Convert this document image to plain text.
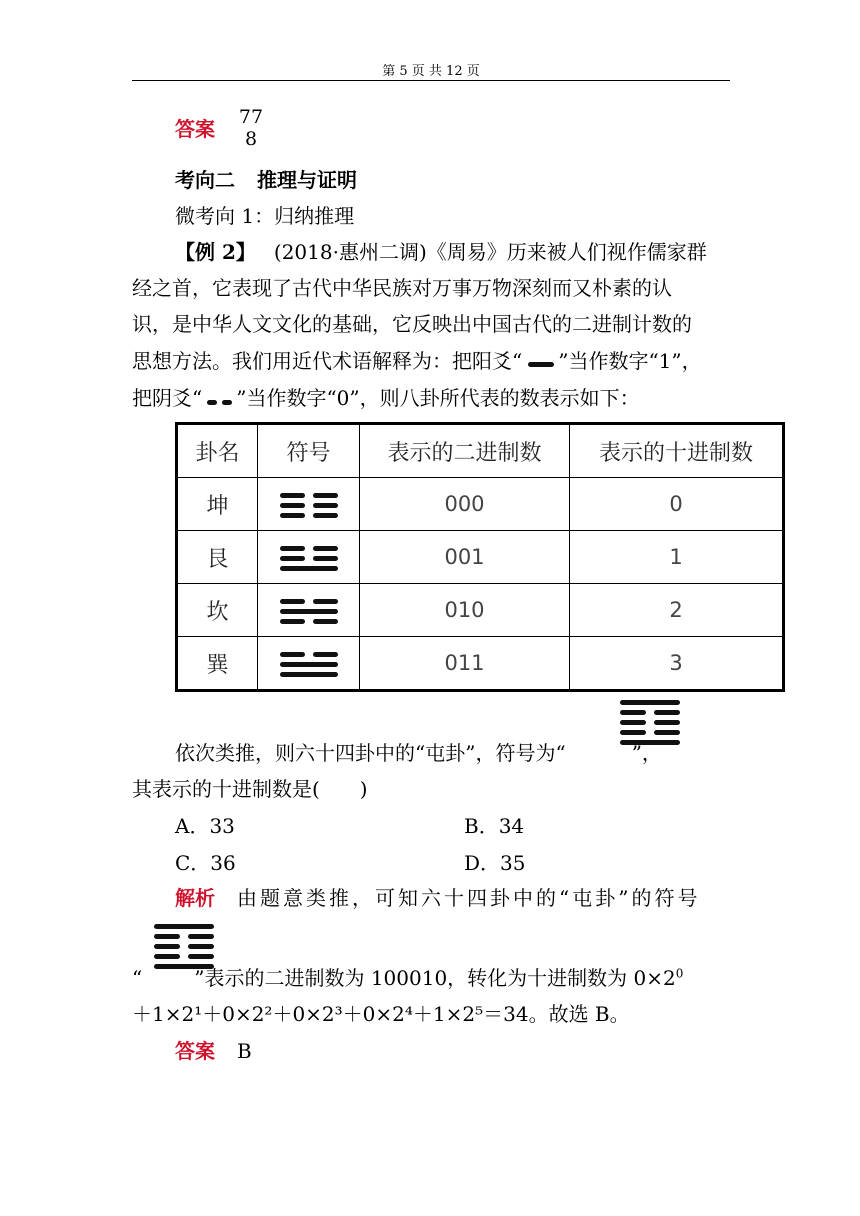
第 5 页 共 12 页
答案 77
8
考向二 推理与证明
微考向 1：归纳推理
【例 2】 (2018·惠州二调)《周易》历来被人们视作儒家群
经之首，它表现了古代中华民族对万事万物深刻而又朴素的认
识，是中华人文文化的基础，它反映出中国古代的二进制计数的
思想方法。我们用近代术语解释为：把阳爻“ ”当作数字“1”，
把阴爻“ ”当作数字“0”，则八卦所代表的数表示如下：
卦名	符号	表示的二进制数	表示的十进制数
坤		000	0
艮		001	1
坎		010	2
巽		011	3
依次类推，则六十四卦中的“屯卦”，符号为“	”，
其表示的十进制数是(　　)
A．33	B．34
C．36	D．35
解析 由题意类推，可知六十四卦中的“屯卦”的符号
“	”表示的二进制数为 100010，转化为十进制数为 $0\times 2^0$
＋1×2¹＋0×2²＋0×2³＋0×2⁴＋1×2⁵＝34。故选 B。
答案 B
